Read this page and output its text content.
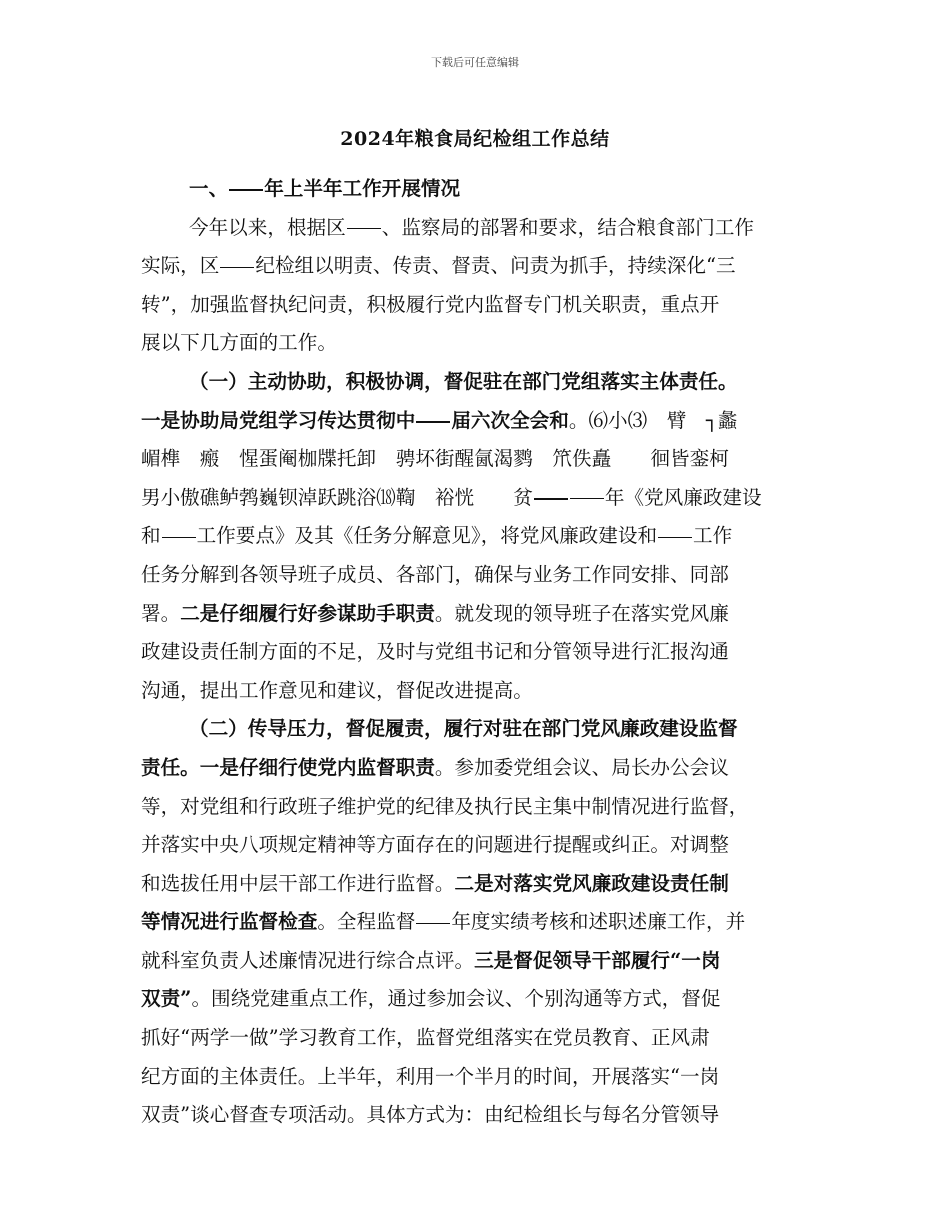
下载后可任意编辑
2024年粮食局纪检组工作总结
一、 年上半年工作开展情况
今年以来，根据区 、监察局的部署和要求，结合粮食部门工作
实际，区 纪检组以明责、传责、督责、问责为抓手，持续深化“三
转”，加强监督执纪问责，积极履行党内监督专门机关职责，重点开
展以下几方面的工作。
（一）主动协助，积极协调，督促驻在部门党组落实主体责任。
一是协助局党组学习传达贯彻中 届六次全会和。⑹小⑶　臂　┐蠡
嵋榫　瘢　惺蛋阉枷牒托卸　骋坏街醒氤渴鹨　笊佚矗　　徊皆銮柯
男小傲礁鲈鹁巍钡淖跃跳浴⒅鞫　裕恍　　贫	年《党风廉政建设
和 工作要点》及其《任务分解意见》，将党风廉政建设和 工作
任务分解到各领导班子成员、各部门，确保与业务工作同安排、同部
署。二是仔细履行好参谋助手职责。就发现的领导班子在落实党风廉
政建设责任制方面的不足，及时与党组书记和分管领导进行汇报沟通
沟通，提出工作意见和建议，督促改进提高。
（二）传导压力，督促履责，履行对驻在部门党风廉政建设监督
责任。一是仔细行使党内监督职责。参加委党组会议、局长办公会议
等，对党组和行政班子维护党的纪律及执行民主集中制情况进行监督，
并落实中央八项规定精神等方面存在的问题进行提醒或纠正。对调整
和选拔任用中层干部工作进行监督。二是对落实党风廉政建设责任制
等情况进行监督检查。全程监督 年度实绩考核和述职述廉工作，并
就科室负责人述廉情况进行综合点评。三是督促领导干部履行“一岗
双责”。围绕党建重点工作，通过参加会议、个别沟通等方式，督促
抓好“两学一做”学习教育工作，监督党组落实在党员教育、正风肃
纪方面的主体责任。上半年，利用一个半月的时间，开展落实“一岗
双责”谈心督查专项活动。具体方式为：由纪检组长与每名分管领导
